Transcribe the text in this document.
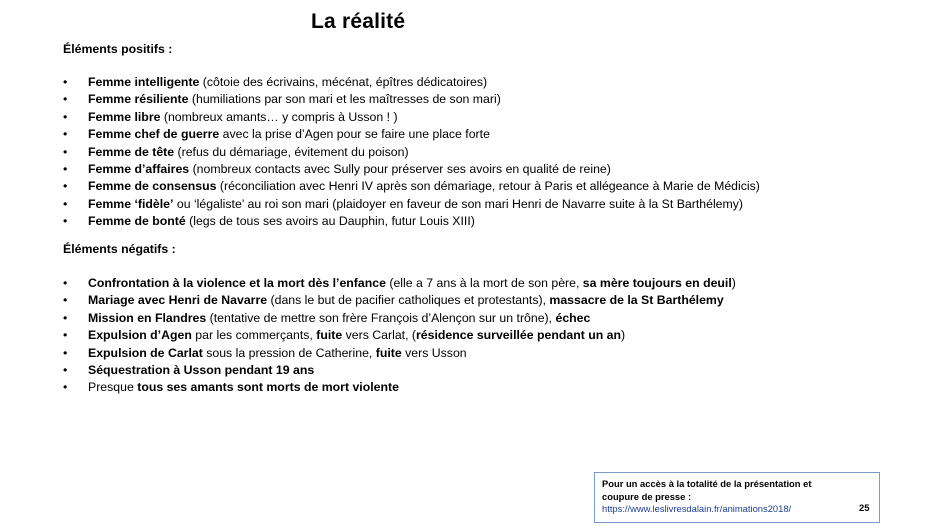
La réalité
Éléments positifs :
• Femme intelligente (côtoie des écrivains, mécénat, épîtres dédicatoires)
• Femme résiliente (humiliations par son mari et les maîtresses de son mari)
• Femme libre (nombreux amants… y compris à Usson ! )
• Femme chef de guerre avec la prise d’Agen pour se faire une place forte
• Femme de tête (refus du démariage, évitement du poison)
• Femme d’affaires (nombreux contacts avec Sully pour préserver ses avoirs en qualité de reine)
• Femme de consensus (réconciliation avec Henri IV après son démariage, retour à Paris et allégeance à Marie de Médicis)
• Femme ‘fidèle’ ou ‘légaliste’ au roi son mari (plaidoyer en faveur de son mari Henri de Navarre suite à la St Barthélemy)
• Femme de bonté (legs de tous ses avoirs au Dauphin, futur Louis XIII)
Éléments négatifs :
• Confrontation à la violence et la mort dès l’enfance (elle a 7 ans à la mort de son père, sa mère toujours en deuil)
• Mariage avec Henri de Navarre (dans le but de pacifier catholiques et protestants), massacre de la St Barthélemy
• Mission en Flandres (tentative de mettre son frère François d’Alençon sur un trône), échec
• Expulsion d’Agen par les commerçants, fuite vers Carlat, (résidence surveillée pendant un an)
• Expulsion de Carlat sous la pression de Catherine, fuite vers Usson
• Séquestration à Usson pendant 19 ans
• Presque tous ses amants sont morts de mort violente
Pour un accès à la totalité de la présentation et coupure de presse :
https://www.leslivresdalain.fr/animations2018/	25
